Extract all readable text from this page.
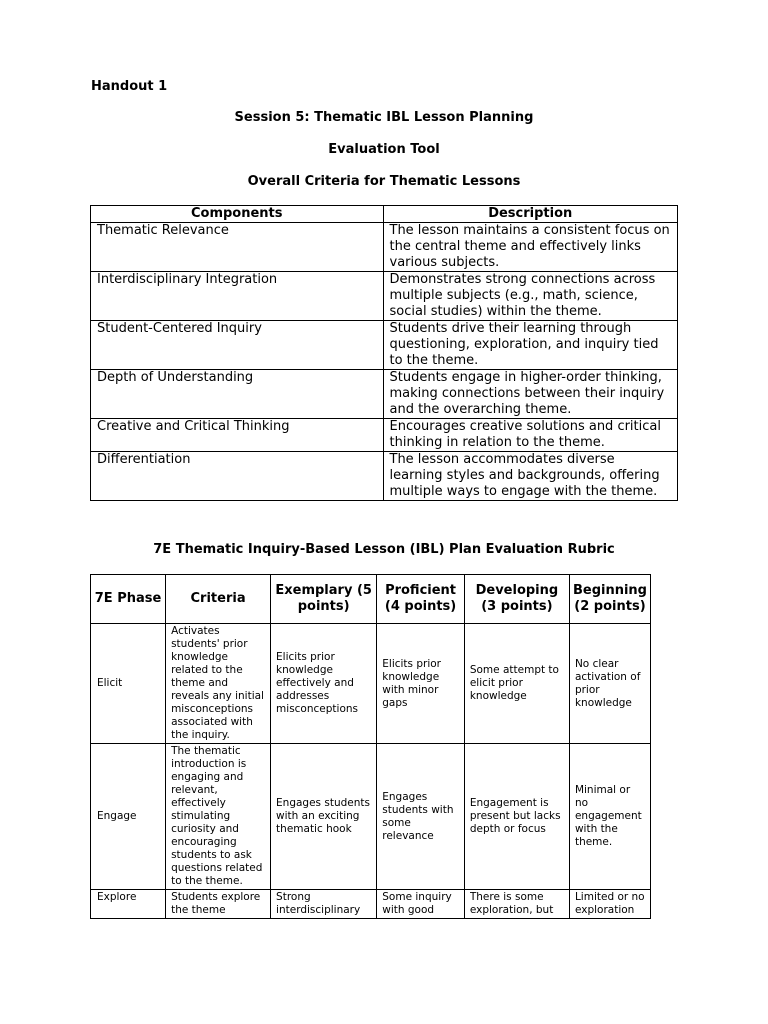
Handout 1
Session 5: Thematic IBL Lesson Planning
Evaluation Tool
Overall Criteria for Thematic Lessons
Components	Description
Thematic Relevance	The lesson maintains a consistent focus on the central theme and effectively links various subjects.
Interdisciplinary Integration	Demonstrates strong connections across multiple subjects (e.g., math, science, social studies) within the theme.
Student-Centered Inquiry	Students drive their learning through questioning, exploration, and inquiry tied to the theme.
Depth of Understanding	Students engage in higher-order thinking, making connections between their inquiry and the overarching theme.
Creative and Critical Thinking	Encourages creative solutions and critical thinking in relation to the theme.
Differentiation	The lesson accommodates diverse learning styles and backgrounds, offering multiple ways to engage with the theme.
7E Thematic Inquiry-Based Lesson (IBL) Plan Evaluation Rubric
7E Phase	Criteria	Exemplary (5 points)	Proficient (4 points)	Developing (3 points)	Beginning (2 points)
Elicit	Activates students' prior knowledge related to the theme and reveals any initial misconceptions associated with the inquiry.	Elicits prior knowledge effectively and addresses misconceptions	Elicits prior knowledge with minor gaps	Some attempt to elicit prior knowledge	No clear activation of prior knowledge
Engage	The thematic introduction is engaging and relevant, effectively stimulating curiosity and encouraging students to ask questions related to the theme.	Engages students with an exciting thematic hook	Engages students with some relevance	Engagement is present but lacks depth or focus	Minimal or no engagement with the theme.

Explore	Students explore the theme	Strong interdisciplinary	Some inquiry with good	There is some exploration, but	Limited or no exploration
